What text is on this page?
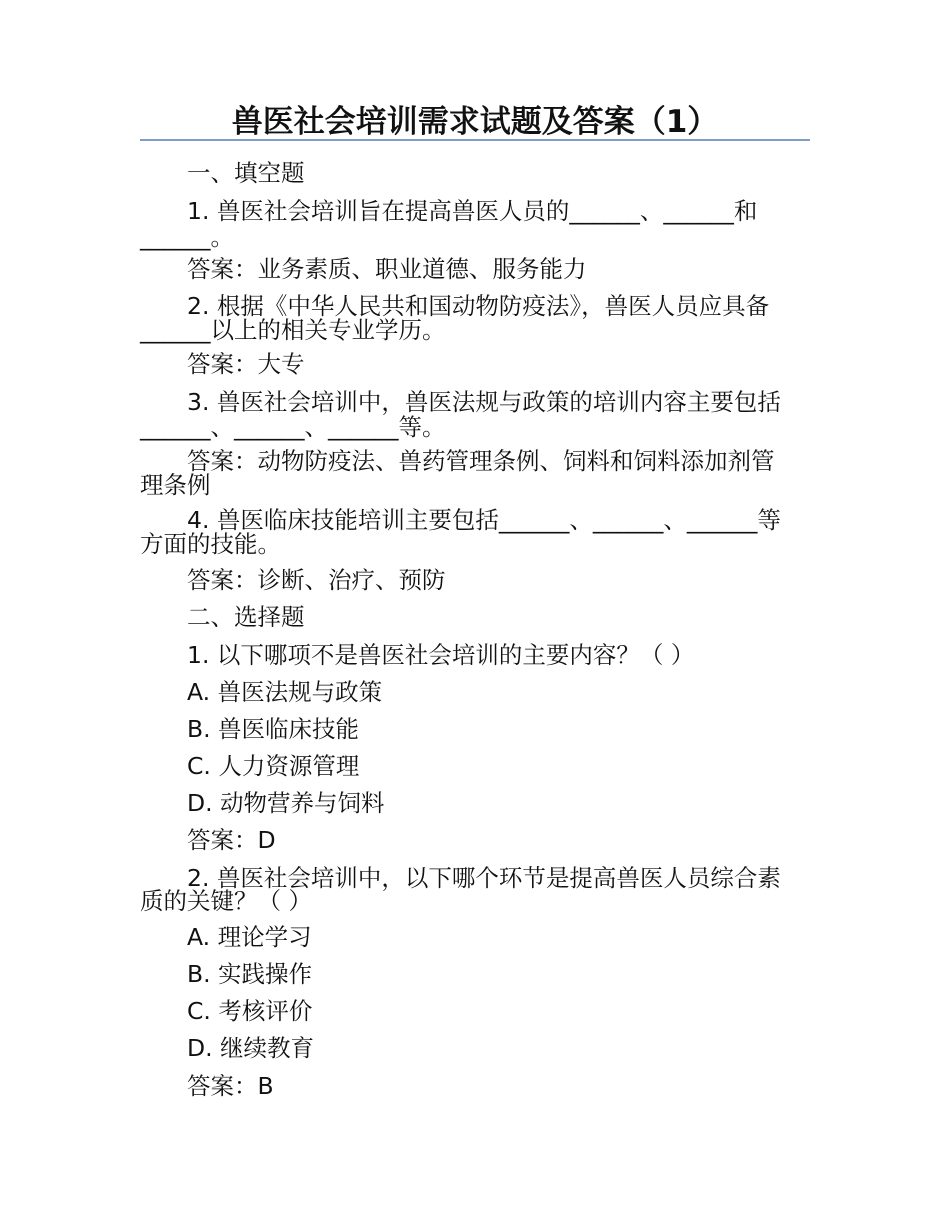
兽医社会培训需求试题及答案（1）
一、填空题
1. 兽医社会培训旨在提高兽医人员的______、______和
______。
答案：业务素质、职业道德、服务能力
2. 根据《中华人民共和国动物防疫法》，兽医人员应具备
______以上的相关专业学历。
答案：大专
3. 兽医社会培训中，兽医法规与政策的培训内容主要包括
______、______、______等。
答案：动物防疫法、兽药管理条例、饲料和饲料添加剂管
理条例
4. 兽医临床技能培训主要包括______、______、______等
方面的技能。
答案：诊断、治疗、预防
二、选择题
1. 以下哪项不是兽医社会培训的主要内容？（ ）
A. 兽医法规与政策
B. 兽医临床技能
C. 人力资源管理
D. 动物营养与饲料
答案：D
2. 兽医社会培训中，以下哪个环节是提高兽医人员综合素
质的关键？（ ）
A. 理论学习
B. 实践操作
C. 考核评价
D. 继续教育
答案：B
